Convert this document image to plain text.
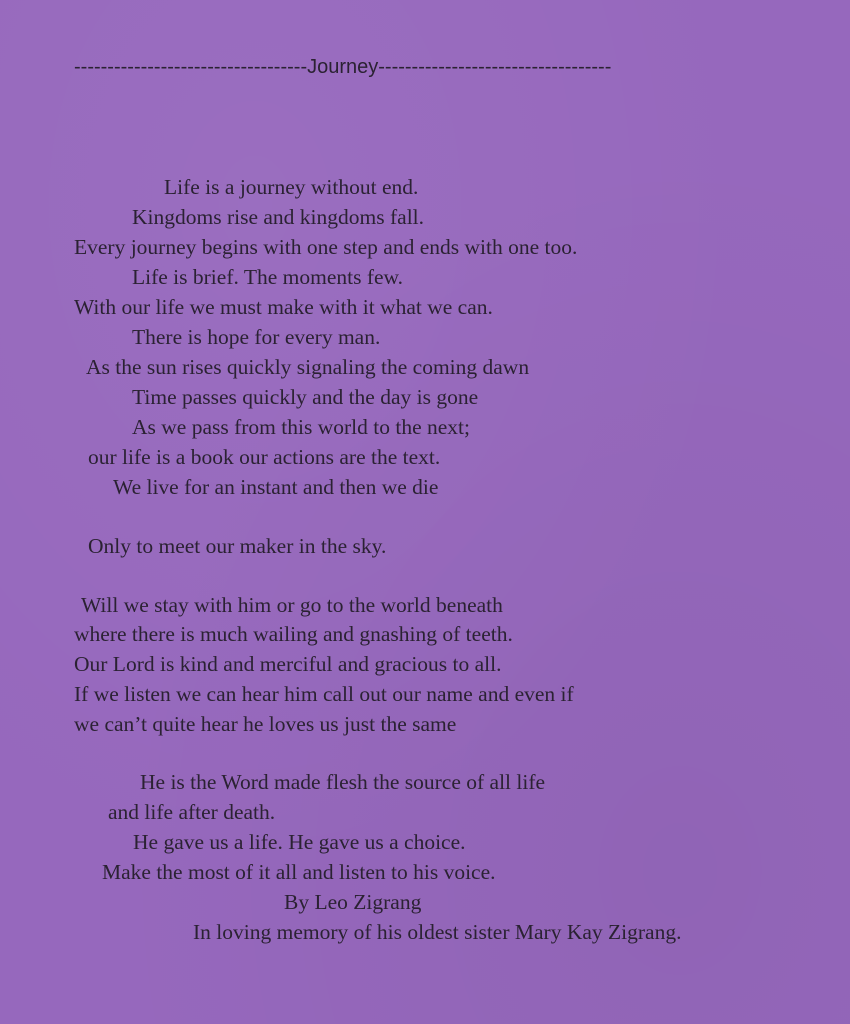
-----------------------------------Journey-----------------------------------
Life is a journey without end.
Kingdoms rise and kingdoms fall.
Every journey begins with one step and ends with one too.
Life is brief. The moments few.
With our life we must make with it what we can.
There is hope for every man.
As the sun rises quickly signaling the coming dawn
Time passes quickly and the day is gone
As we pass from this world to the next;
our life is a book our actions are the text.
We live for an instant and then we die
Only to meet our maker in the sky.
Will we stay with him or go to the world beneath
where there is much wailing and gnashing of teeth.
Our Lord is kind and merciful and gracious to all.
If we listen we can hear him call out our name and even if
we can’t quite hear he loves us just the same
He is the Word made flesh the source of all life
and life after death.
He gave us a life. He gave us a choice.
Make the most of it all and listen to his voice.
By Leo Zigrang
In loving memory of his oldest sister Mary Kay Zigrang.
